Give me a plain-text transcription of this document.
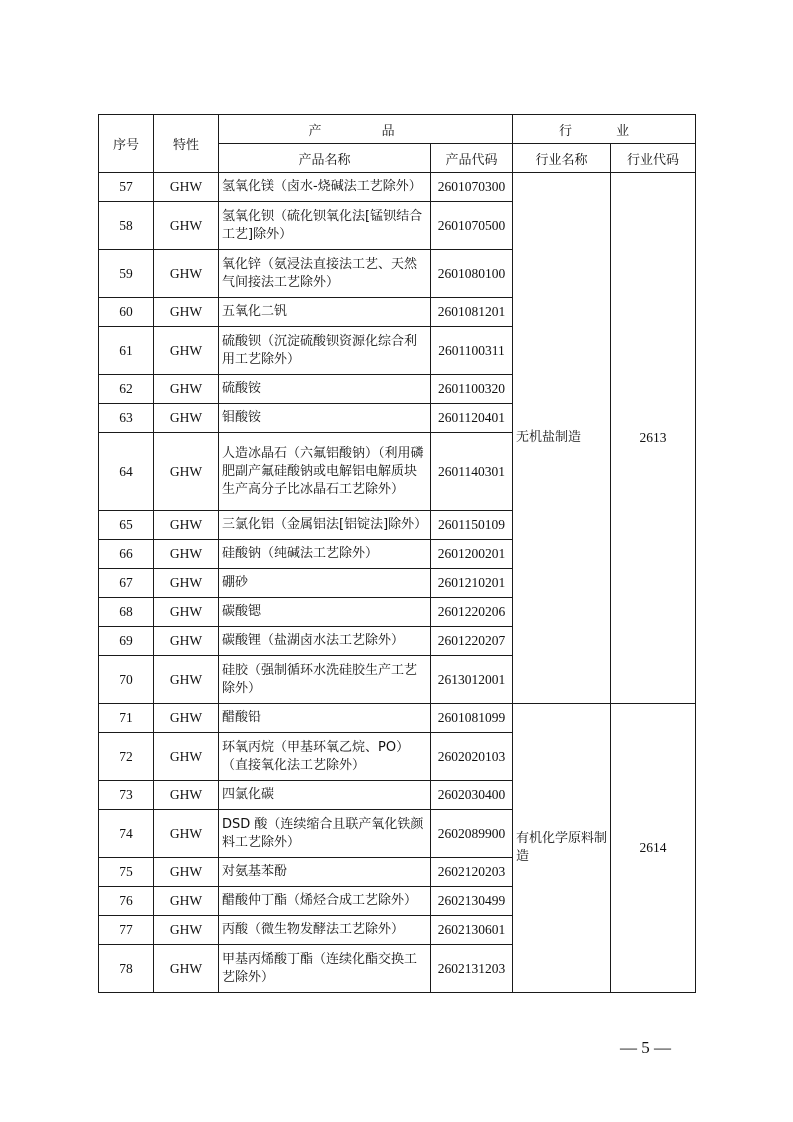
序号	特性	产 品		行 业	
		产品名称	产品代码	行业名称	行业代码
57	GHW	氢氧化镁（卤水-烧碱法工艺除外）	2601070300	无机盐制造	2613
58	GHW	氢氧化钡（硫化钡氧化法[锰钡结合工艺]除外）	2601070500		
59	GHW	氧化锌（氨浸法直接法工艺、天然气间接法工艺除外）	2601080100		
60	GHW	五氧化二钒	2601081201		
61	GHW	硫酸钡（沉淀硫酸钡资源化综合利用工艺除外）	2601100311		
62	GHW	硫酸铵	2601100320		
63	GHW	钼酸铵	2601120401		
64	GHW	人造冰晶石（六氟铝酸钠）（利用磷肥副产氟硅酸钠或电解铝电解质块生产高分子比冰晶石工艺除外）	2601140301		
65	GHW	三氯化铝（金属铝法[铝锭法]除外）	2601150109		
66	GHW	硅酸钠（纯碱法工艺除外）	2601200201		
67	GHW	硼砂	2601210201		
68	GHW	碳酸锶	2601220206		
69	GHW	碳酸锂（盐湖卤水法工艺除外）	2601220207		
70	GHW	硅胶（强制循环水洗硅胶生产工艺除外）	2613012001		
71	GHW	醋酸铅	2601081099	有机化学原料制造	2614
72	GHW	环氧丙烷（甲基环氧乙烷、PO）（直接氧化法工艺除外）	2602020103		
73	GHW	四氯化碳	2602030400		
74	GHW	DSD 酸（连续缩合且联产氧化铁颜料工艺除外）	2602089900		
75	GHW	对氨基苯酚	2602120203		
76	GHW	醋酸仲丁酯（烯烃合成工艺除外）	2602130499		
77	GHW	丙酸（微生物发酵法工艺除外）	2602130601		
78	GHW	甲基丙烯酸丁酯（连续化酯交换工艺除外）	2602131203		
— 5 —
